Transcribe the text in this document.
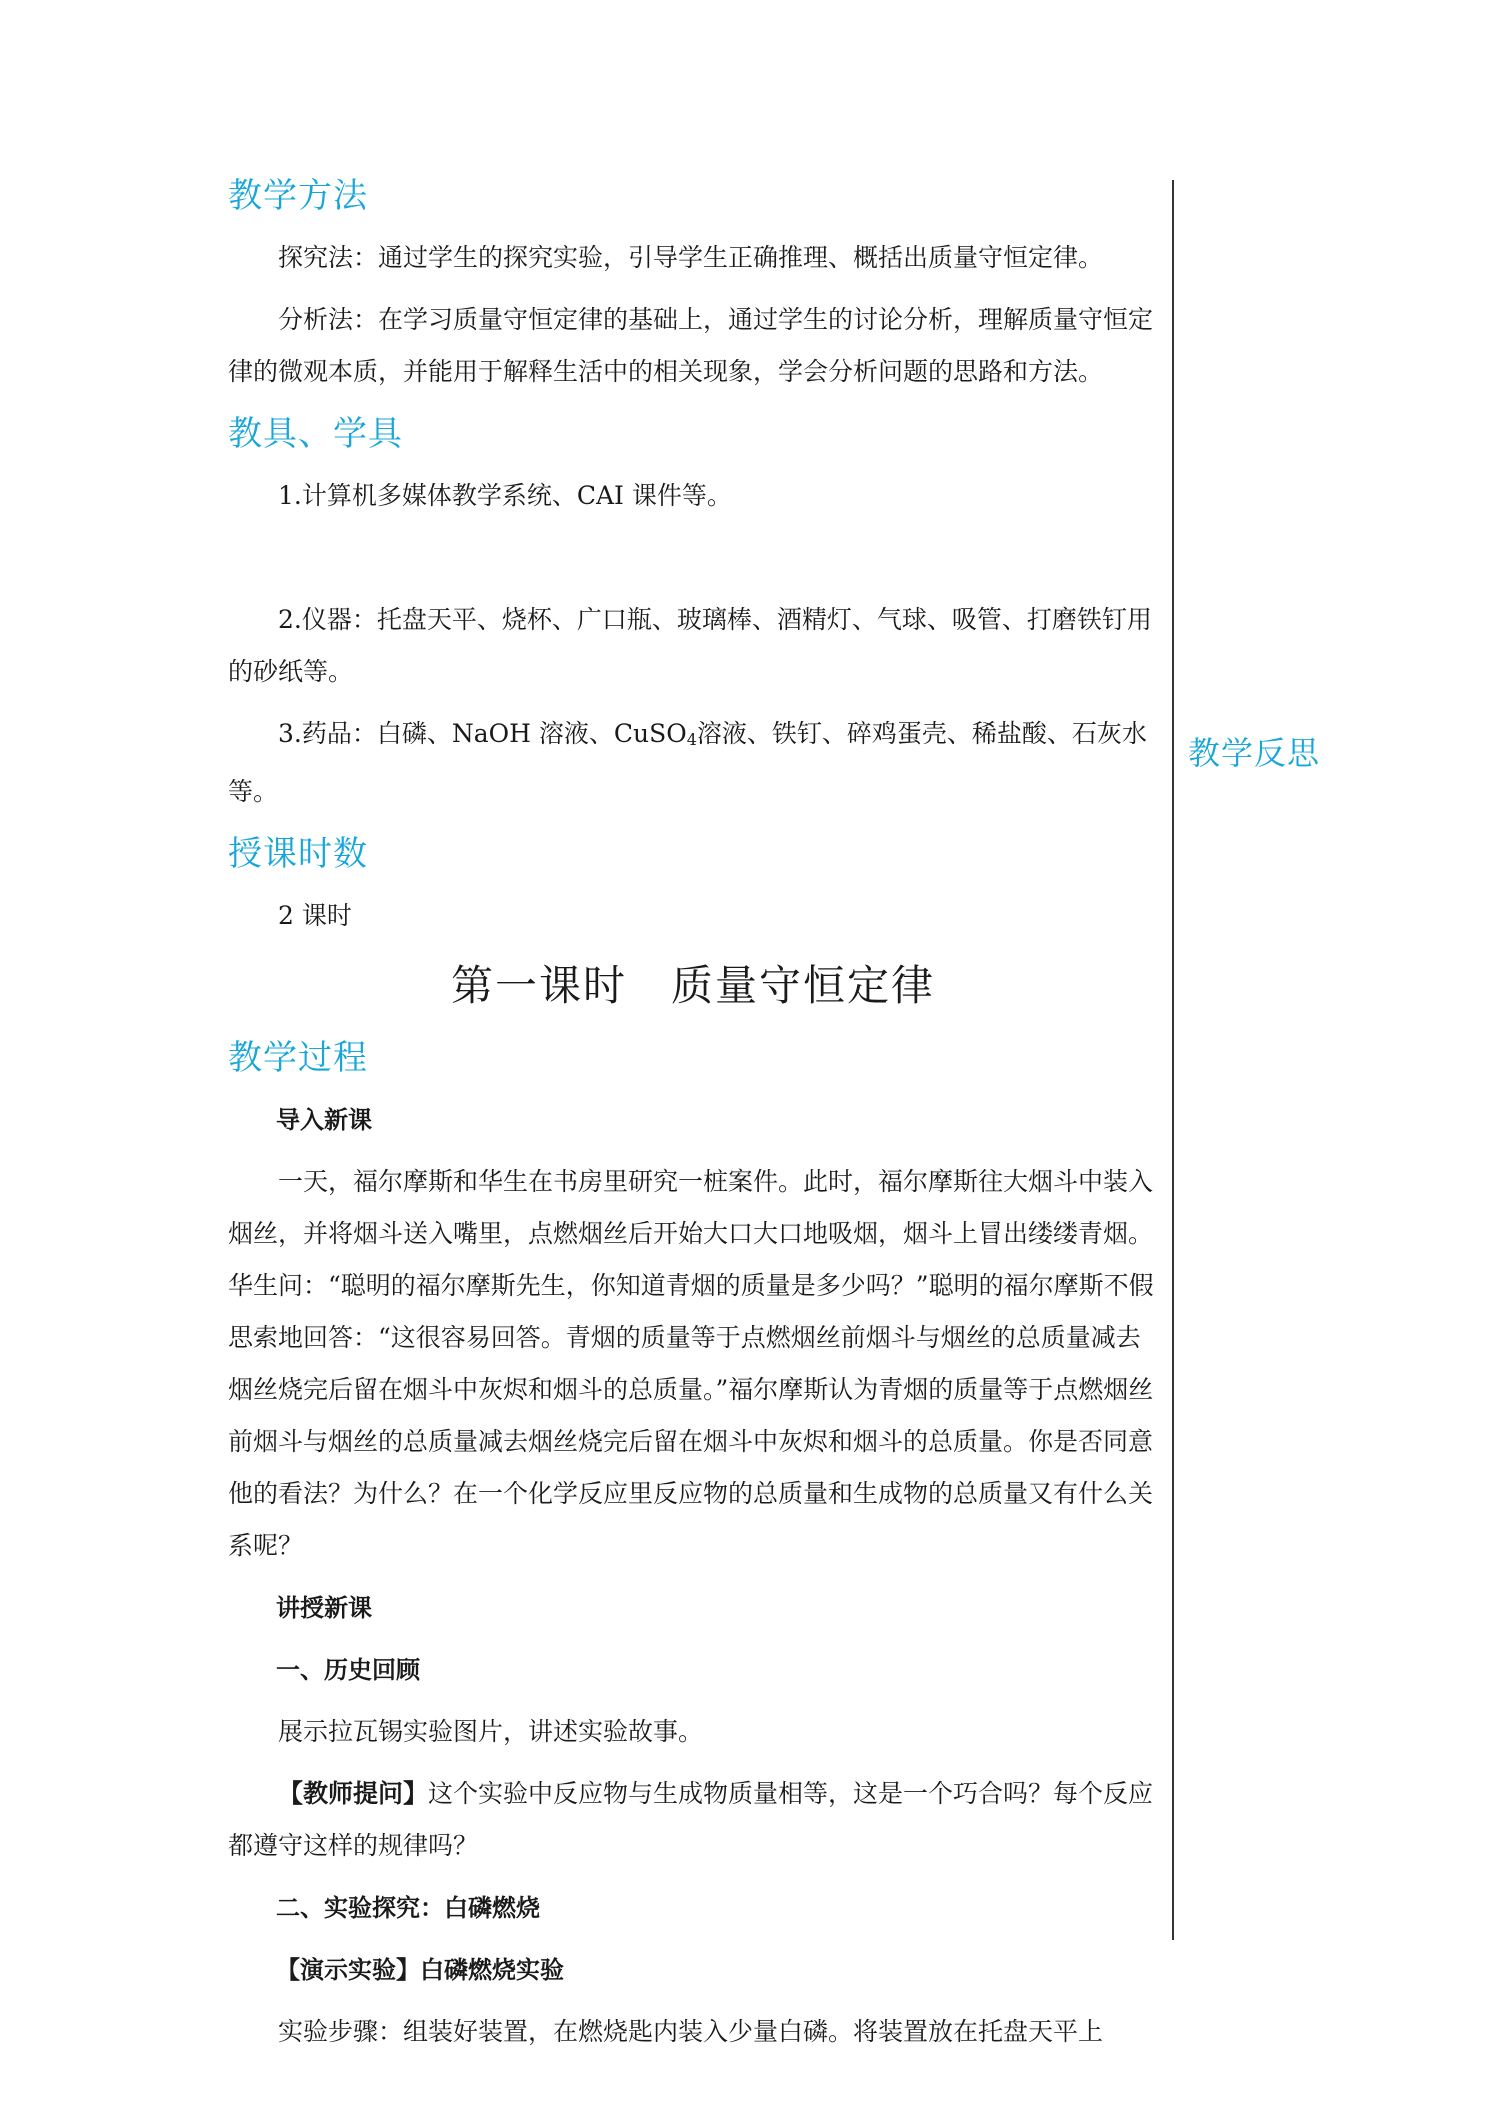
教学反思
教学方法

探究法：通过学生的探究实验，引导学生正确推理、概括出质量守恒定律。

分析法：在学习质量守恒定律的基础上，通过学生的讨论分析，理解质量守恒定律的微观本质，并能用于解释生活中的相关现象，学会分析问题的思路和方法。

教具、学具

1.计算机多媒体教学系统、CAI 课件等。

2.仪器：托盘天平、烧杯、广口瓶、玻璃棒、酒精灯、气球、吸管、打磨铁钉用的砂纸等。

3.药品：白磷、NaOH 溶液、CuSO$_4$溶液、铁钉、碎鸡蛋壳、稀盐酸、石灰水等。

授课时数

2 课时

第一课时　质量守恒定律
教学过程

导入新课

一天，福尔摩斯和华生在书房里研究一桩案件。此时，福尔摩斯往大烟斗中装入烟丝，并将烟斗送入嘴里，点燃烟丝后开始大口大口地吸烟，烟斗上冒出缕缕青烟。华生问：“聪明的福尔摩斯先生，你知道青烟的质量是多少吗？”聪明的福尔摩斯不假思索地回答：“这很容易回答。青烟的质量等于点燃烟丝前烟斗与烟丝的总质量减去烟丝烧完后留在烟斗中灰烬和烟斗的总质量。”福尔摩斯认为青烟的质量等于点燃烟丝前烟斗与烟丝的总质量减去烟丝烧完后留在烟斗中灰烬和烟斗的总质量。你是否同意他的看法？为什么？在一个化学反应里反应物的总质量和生成物的总质量又有什么关系呢？

讲授新课

一、历史回顾

展示拉瓦锡实验图片，讲述实验故事。

【教师提问】这个实验中反应物与生成物质量相等，这是一个巧合吗？每个反应都遵守这样的规律吗？

二、实验探究：白磷燃烧

【演示实验】白磷燃烧实验

实验步骤：组装好装置，在燃烧匙内装入少量白磷。将装置放在托盘天平上
